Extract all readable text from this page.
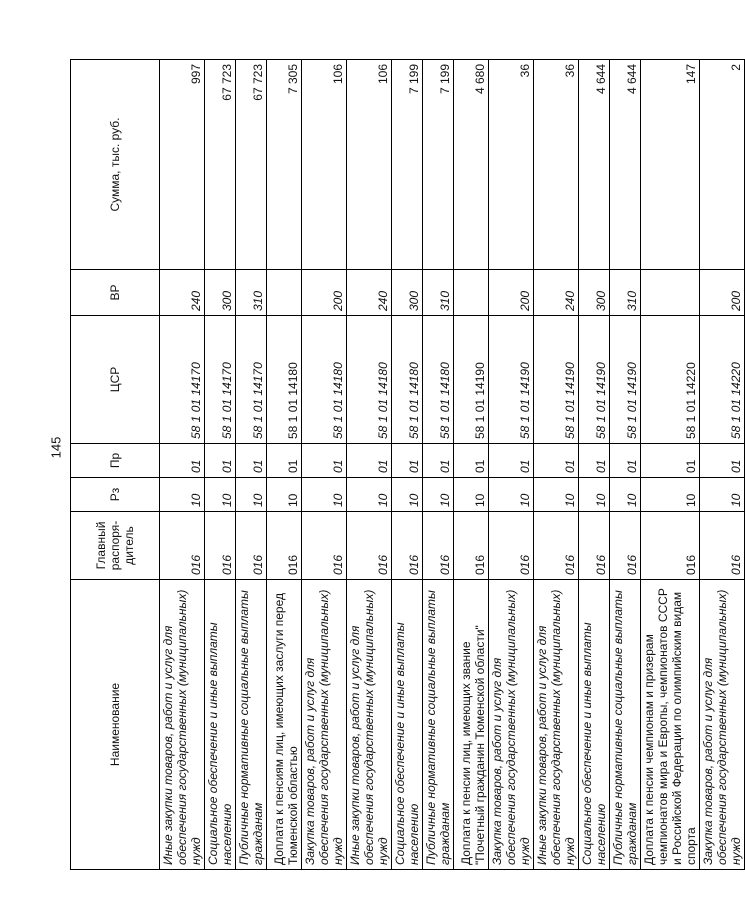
145
Наименование	Главный распоря-дитель	Рз	Пр	ЦСР	ВР	Сумма, тыс. руб.
Иные закупки товаров, работ и услуг для обеспечения государственных (муниципальных) нужд	016	10	01	58 1 01 14170	240	997
Социальное обеспечение и иные выплаты населению	016	10	01	58 1 01 14170	300	67 723
Публичные нормативные социальные выплаты гражданам	016	10	01	58 1 01 14170	310	67 723
Доплата к пенсиям лиц, имеющих заслуги перед Тюменской областью	016	10	01	58 1 01 14180		7 305
Закупка товаров, работ и услуг для обеспечения государственных (муниципальных) нужд	016	10	01	58 1 01 14180	200	106
Иные закупки товаров, работ и услуг для обеспечения государственных (муниципальных) нужд	016	10	01	58 1 01 14180	240	106
Социальное обеспечение и иные выплаты населению	016	10	01	58 1 01 14180	300	7 199
Публичные нормативные социальные выплаты гражданам	016	10	01	58 1 01 14180	310	7 199
Доплата к пенсии лиц, имеющих звание "Почетный гражданин Тюменской области"	016	10	01	58 1 01 14190		4 680
Закупка товаров, работ и услуг для обеспечения государственных (муниципальных) нужд	016	10	01	58 1 01 14190	200	36
Иные закупки товаров, работ и услуг для обеспечения государственных (муниципальных) нужд	016	10	01	58 1 01 14190	240	36
Социальное обеспечение и иные выплаты населению	016	10	01	58 1 01 14190	300	4 644
Публичные нормативные социальные выплаты гражданам	016	10	01	58 1 01 14190	310	4 644
Доплата к пенсии чемпионам и призерам чемпионатов мира и Европы, чемпионатов СССР и Российской Федерации по олимпийским видам спорта	016	10	01	58 1 01 14220		147
Закупка товаров, работ и услуг для обеспечения государственных (муниципальных) нужд	016	10	01	58 1 01 14220	200	2
